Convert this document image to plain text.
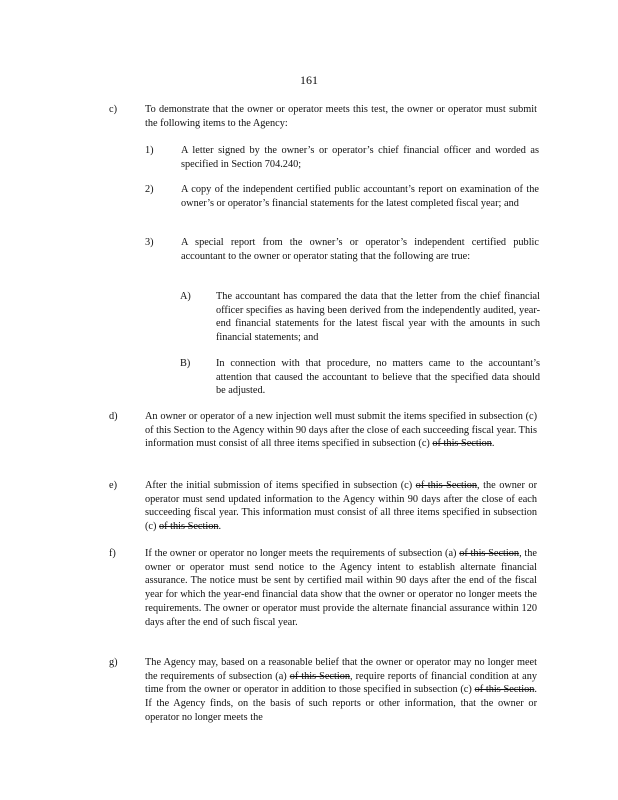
161
c)	To demonstrate that the owner or operator meets this test, the owner or operator must submit the following items to the Agency:
1)	A letter signed by the owner’s or operator’s chief financial officer and worded as specified in Section 704.240;
2)	A copy of the independent certified public accountant’s report on examination of the owner’s or operator’s financial statements for the latest completed fiscal year; and
3)	A special report from the owner’s or operator’s independent certified public accountant to the owner or operator stating that the following are true:
A) The accountant has compared the data that the letter from the chief financial officer specifies as having been derived from the independently audited, year-end financial statements for the latest fiscal year with the amounts in such financial statements; and
B) In connection with that procedure, no matters came to the accountant’s attention that caused the accountant to believe that the specified data should be adjusted.
d)	An owner or operator of a new injection well must submit the items specified in subsection (c) of this Section to the Agency within 90 days after the close of each succeeding fiscal year. This information must consist of all three items specified in subsection (c) of this Section.
e)	After the initial submission of items specified in subsection (c) of this Section, the owner or operator must send updated information to the Agency within 90 days after the close of each succeeding fiscal year. This information must consist of all three items specified in subsection (c) of this Section.
f)	If the owner or operator no longer meets the requirements of subsection (a) of this Section, the owner or operator must send notice to the Agency intent to establish alternate financial assurance. The notice must be sent by certified mail within 90 days after the end of the fiscal year for which the year-end financial data show that the owner or operator no longer meets the requirements. The owner or operator must provide the alternate financial assurance within 120 days after the end of such fiscal year.
g)	The Agency may, based on a reasonable belief that the owner or operator may no longer meet the requirements of subsection (a) of this Section, require reports of financial condition at any time from the owner or operator in addition to those specified in subsection (c) of this Section. If the Agency finds, on the basis of such reports or other information, that the owner or operator no longer meets the
